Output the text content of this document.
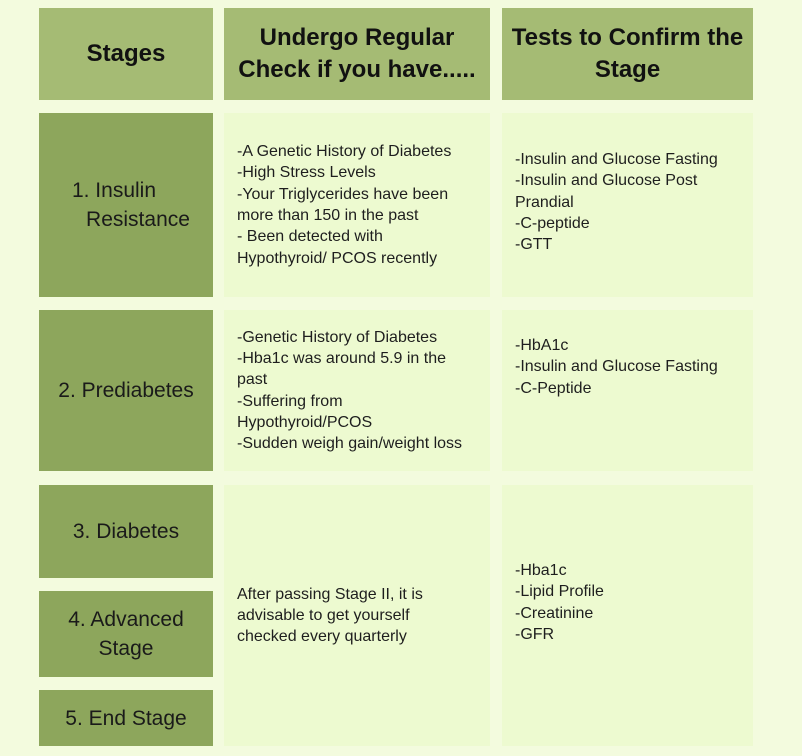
Stages
Undergo Regular
Check if you have.....
Tests to Confirm the
Stage
1. Insulin
Resistance
-A Genetic History of Diabetes
-High Stress Levels
-Your Triglycerides have been
more than 150 in the past
- Been detected with
Hypothyroid/ PCOS recently
-Insulin and Glucose Fasting
-Insulin and Glucose Post
Prandial
-C-peptide
-GTT
2. Prediabetes
-Genetic History of Diabetes
-Hba1c was around 5.9 in the
past
-Suffering from
Hypothyroid/PCOS
-Sudden weigh gain/weight loss
-HbA1c
-Insulin and Glucose Fasting
-C-Peptide
3. Diabetes
4. Advanced
Stage
5. End Stage
After passing Stage II, it is
advisable to get yourself
checked every quarterly
-Hba1c
-Lipid Profile
-Creatinine
-GFR
